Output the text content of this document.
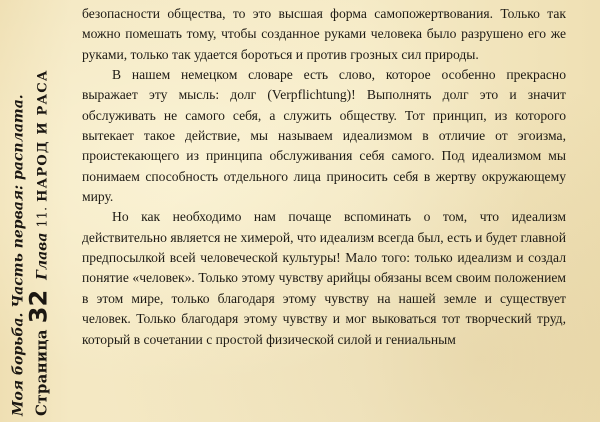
Моя борьба.
Часть первая: расплата.
Страница
32
Глава
11.
НАРОД И РАСА

безопасности общества, то это высшая форма самопожертвования. Только так можно помешать тому, чтобы созданное руками человека было разрушено его же руками, только так удается бороться и против грозных сил природы.

В нашем немецком словаре есть слово, которое особенно прекрасно выражает эту мысль: долг (Verpflichtung)! Выполнять долг это и значит обслуживать не самого себя, а служить обществу. Тот принцип, из которого вытекает такое действие, мы называем идеализмом в отличие от эгоизма, проистекающего из принципа обслуживания себя самого. Под идеализмом мы понимаем способность отдельного лица приносить себя в жертву окружающему миру.

Но как необходимо нам почаще вспоминать о том, что идеализм действительно является не химерой, что идеализм всегда был, есть и будет главной предпосылкой всей человеческой культуры! Мало того: только идеализм и создал понятие «человек». Только этому чувству арийцы обязаны всем своим положением в этом мире, только благодаря этому чувству на нашей земле и существует человек. Только благодаря этому чувству и мог выковаться тот творческий труд, который в сочетании с простой физической силой и гениальным
